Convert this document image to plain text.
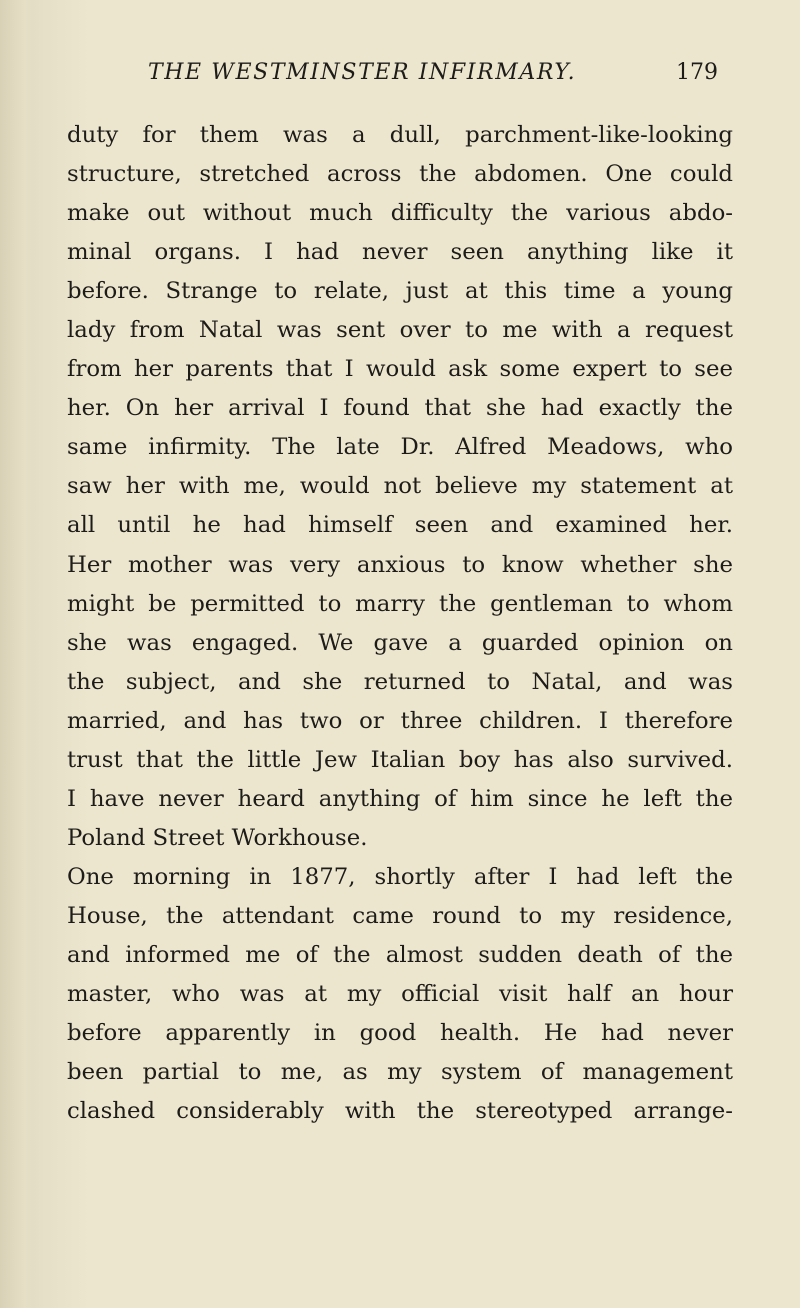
THE WESTMINSTER INFIRMARY.	179
duty for them was a dull, parchment-like-looking
structure, stretched across the abdomen. One could
make out without much difficulty the various abdo-
minal organs. I had never seen anything like it
before. Strange to relate, just at this time a young
lady from Natal was sent over to me with a request
from her parents that I would ask some expert to see
her. On her arrival I found that she had exactly the
same infirmity. The late Dr. Alfred Meadows, who
saw her with me, would not believe my statement at
all until he had himself seen and examined her.
Her mother was very anxious to know whether she
might be permitted to marry the gentleman to whom
she was engaged. We gave a guarded opinion on
the subject, and she returned to Natal, and was
married, and has two or three children. I therefore
trust that the little Jew Italian boy has also survived.
I have never heard anything of him since he left the
Poland Street Workhouse.
One morning in 1877, shortly after I had left the
House, the attendant came round to my residence,
and informed me of the almost sudden death of the
master, who was at my official visit half an hour
before apparently in good health. He had never
been partial to me, as my system of management
clashed considerably with the stereotyped arrange-
